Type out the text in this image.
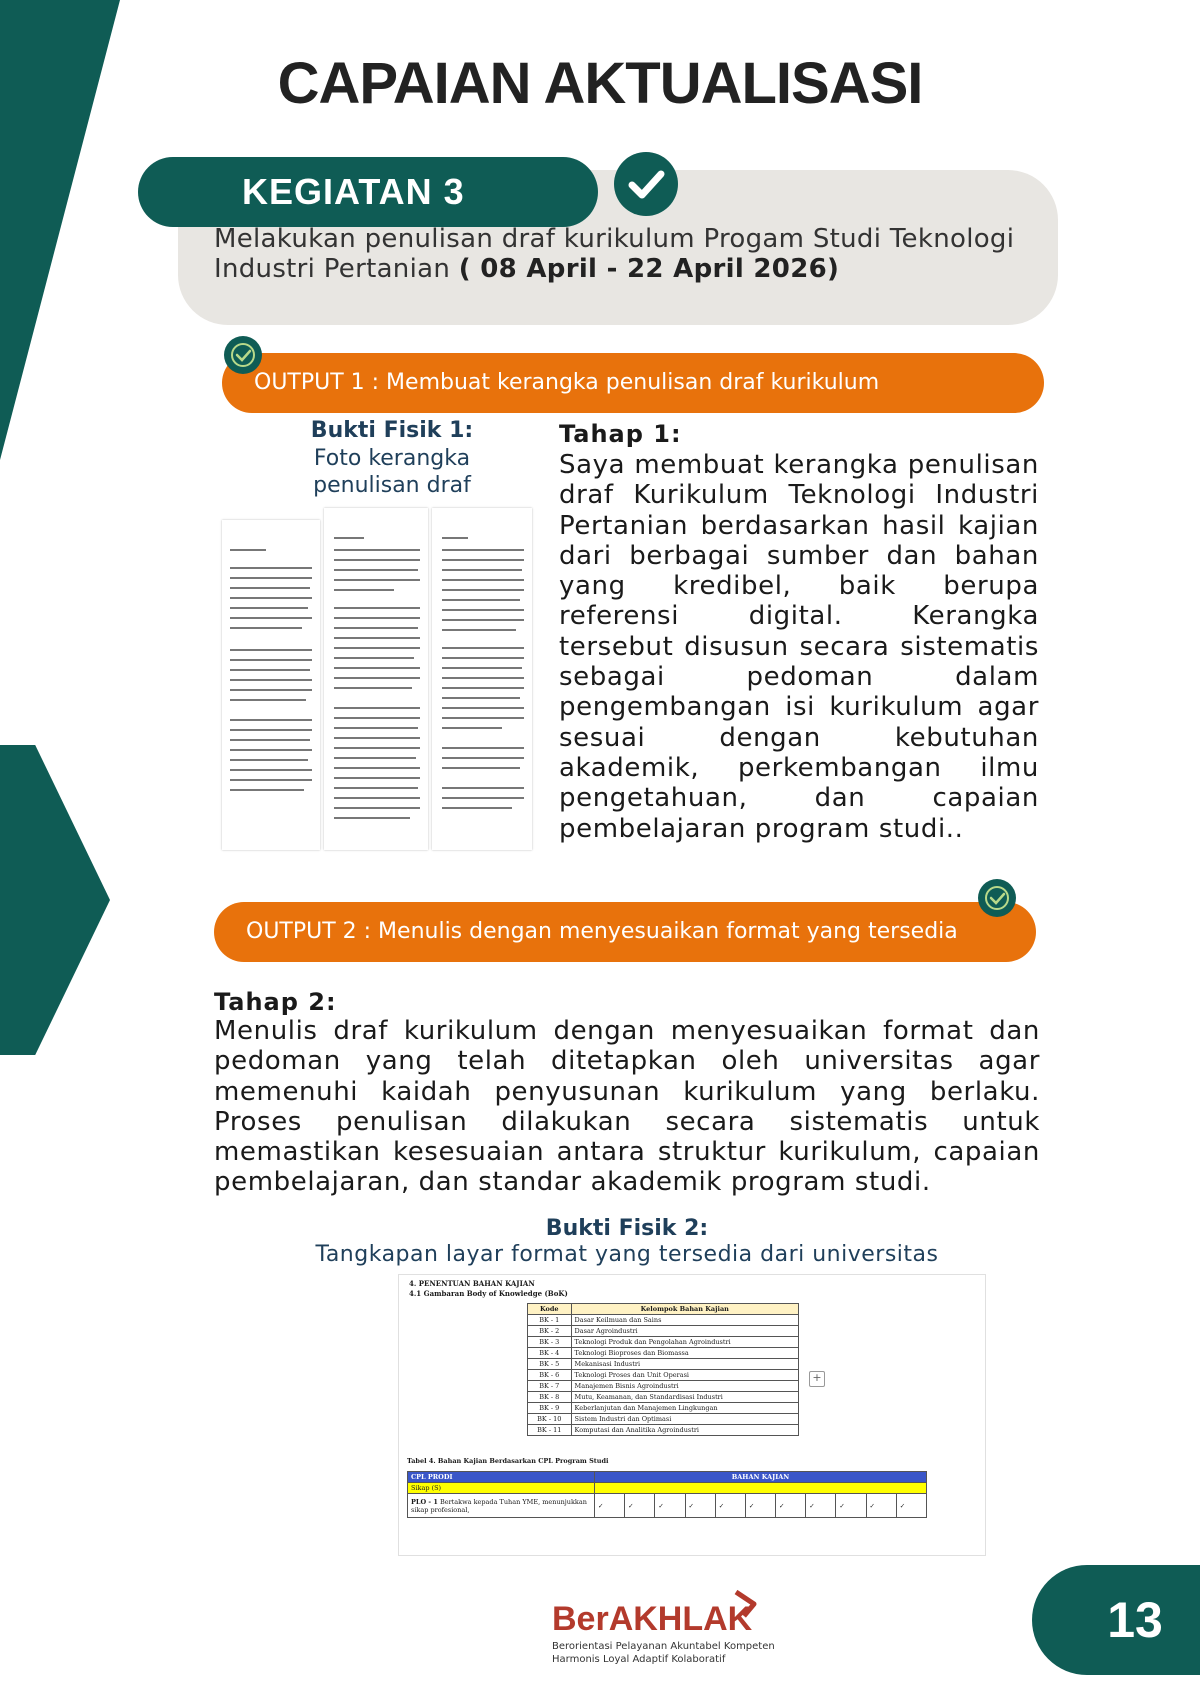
CAPAIAN AKTUALISASI
KEGIATAN 3
Melakukan penulisan draf kurikulum Progam Studi Teknologi Industri Pertanian ( 08 April - 22 April 2026)
OUTPUT 1 : Membuat kerangka penulisan draf kurikulum
Bukti Fisik 1:
Foto kerangka penulisan draf
Tahap 1:
Saya membuat kerangka penulisan draf Kurikulum Teknologi Industri Pertanian berdasarkan hasil kajian dari berbagai sumber dan bahan yang kredibel, baik berupa referensi digital. Kerangka tersebut disusun secara sistematis sebagai pedoman dalam pengembangan isi kurikulum agar sesuai dengan kebutuhan akademik, perkembangan ilmu pengetahuan, dan capaian pembelajaran program studi..
OUTPUT 2 : Menulis dengan menyesuaikan format yang tersedia
Tahap 2:
Menulis draf kurikulum dengan menyesuaikan format dan pedoman yang telah ditetapkan oleh universitas agar memenuhi kaidah penyusunan kurikulum yang berlaku. Proses penulisan dilakukan secara sistematis untuk memastikan kesesuaian antara struktur kurikulum, capaian pembelajaran, dan standar akademik program studi.
Bukti Fisik 2:
Tangkapan layar format yang tersedia dari universitas
4. PENENTUAN BAHAN KAJIAN
4.1 Gambaran Body of Knowledge (BoK)
Kode	Kelompok Bahan Kajian
BK - 1	Dasar Keilmuan dan Sains
BK - 2	Dasar Agroindustri
BK - 3	Teknologi Produk dan Pengolahan Agroindustri
BK - 4	Teknologi Bioproses dan Biomassa
BK - 5	Mekanisasi Industri
BK - 6	Teknologi Proses dan Unit Operasi
BK - 7	Manajemen Bisnis Agroindustri
BK - 8	Mutu, Keamanan, dan Standardisasi Industri
BK - 9	Keberlanjutan dan Manajemen Lingkungan
BK - 10	Sistem Industri dan Optimasi
BK - 11	Komputasi dan Analitika Agroindustri
+
Tabel 4. Bahan Kajian Berdasarkan CPL Program Studi
CPL PRODI	BAHAN KAJIAN										
Sikap (S)											
PLO - 1 Bertakwa kepada Tuhan YME, menunjukkan sikap profesional,	✓	✓	✓	✓	✓	✓	✓	✓	✓	✓	✓
BerAKHLAK
Berorientasi Pelayanan Akuntabel Kompeten
Harmonis Loyal Adaptif Kolaboratif
13
